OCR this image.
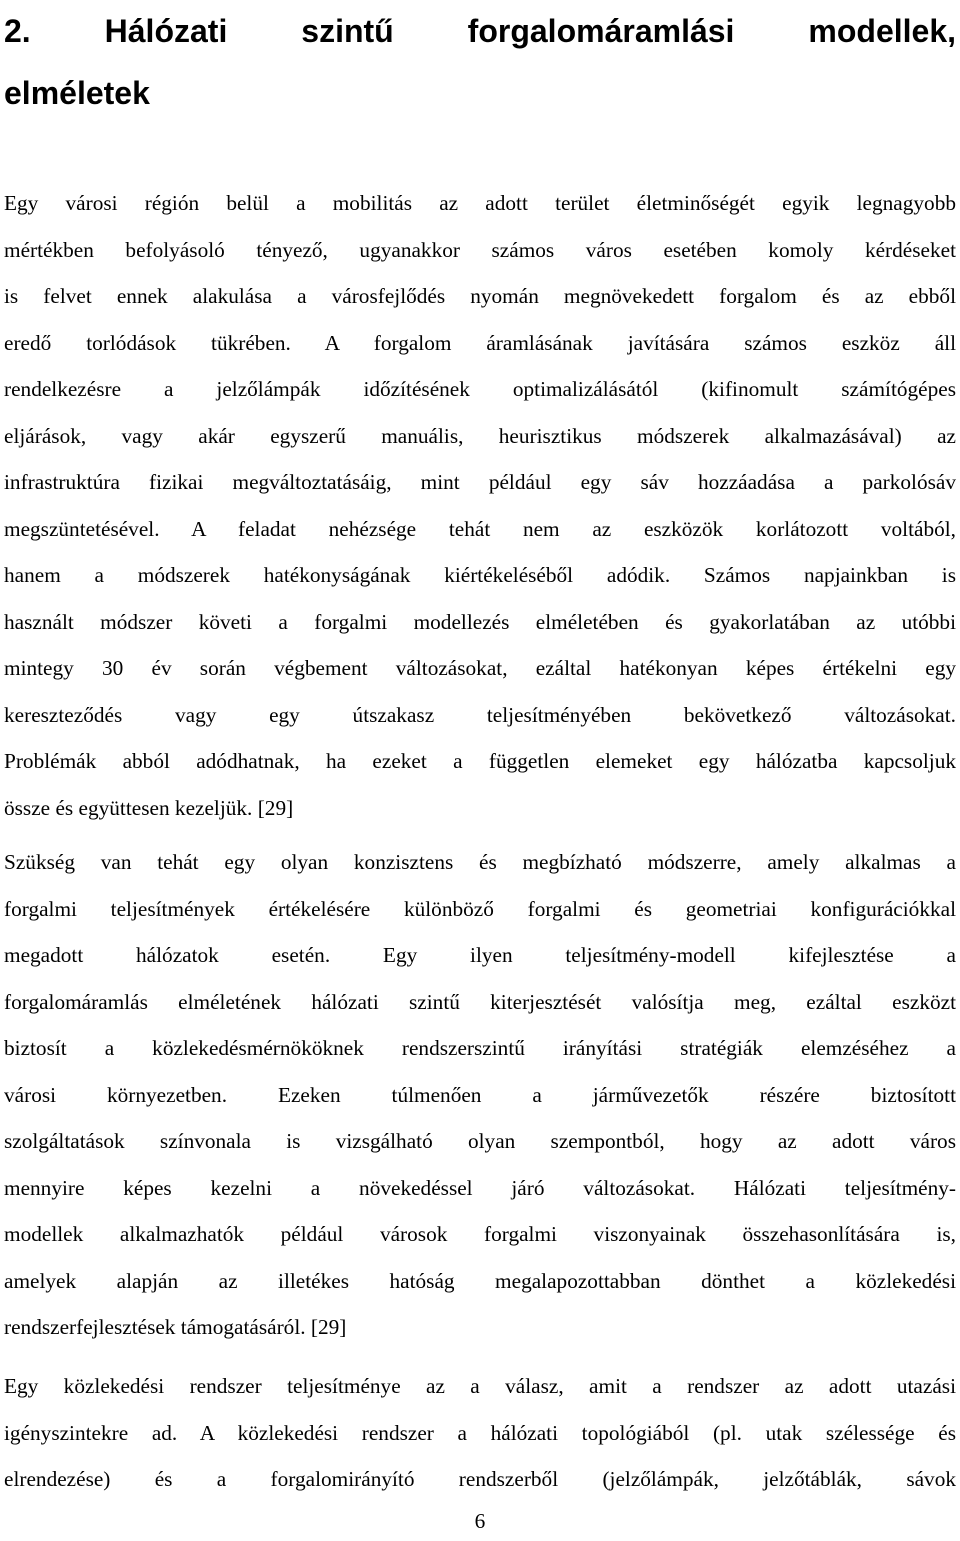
2. Hálózati szintű forgalomáramlási modellek,
elméletek
Egy városi régión belül a mobilitás az adott terület életminőségét egyik legnagyobb
mértékben befolyásoló tényező, ugyanakkor számos város esetében komoly kérdéseket
is felvet ennek alakulása a városfejlődés nyomán megnövekedett forgalom és az ebből
eredő torlódások tükrében. A forgalom áramlásának javítására számos eszköz áll
rendelkezésre a jelzőlámpák időzítésének optimalizálásától (kifinomult számítógépes
eljárások, vagy akár egyszerű manuális, heurisztikus módszerek alkalmazásával) az
infrastruktúra fizikai megváltoztatásáig, mint például egy sáv hozzáadása a parkolósáv
megszüntetésével. A feladat nehézsége tehát nem az eszközök korlátozott voltából,
hanem a módszerek hatékonyságának kiértékeléséből adódik. Számos napjainkban is
használt módszer követi a forgalmi modellezés elméletében és gyakorlatában az utóbbi
mintegy 30 év során végbement változásokat, ezáltal hatékonyan képes értékelni egy
kereszteződés vagy egy útszakasz teljesítményében bekövetkező változásokat.
Problémák abból adódhatnak, ha ezeket a független elemeket egy hálózatba kapcsoljuk
össze és együttesen kezeljük. [29]
Szükség van tehát egy olyan konzisztens és megbízható módszerre, amely alkalmas a
forgalmi teljesítmények értékelésére különböző forgalmi és geometriai konfigurációkkal
megadott hálózatok esetén. Egy ilyen teljesítmény-modell kifejlesztése a
forgalomáramlás elméletének hálózati szintű kiterjesztését valósítja meg, ezáltal eszközt
biztosít a közlekedésmérnököknek rendszerszintű irányítási stratégiák elemzéséhez a
városi környezetben. Ezeken túlmenően a járművezetők részére biztosított
szolgáltatások színvonala is vizsgálható olyan szempontból, hogy az adott város
mennyire képes kezelni a növekedéssel járó változásokat. Hálózati teljesítmény-
modellek alkalmazhatók például városok forgalmi viszonyainak összehasonlítására is,
amelyek alapján az illetékes hatóság megalapozottabban dönthet a közlekedési
rendszerfejlesztések támogatásáról. [29]
Egy közlekedési rendszer teljesítménye az a válasz, amit a rendszer az adott utazási
igényszintekre ad. A közlekedési rendszer a hálózati topológiából (pl. utak szélessége és
elrendezése) és a forgalomirányító rendszerből (jelzőlámpák, jelzőtáblák, sávok
6
